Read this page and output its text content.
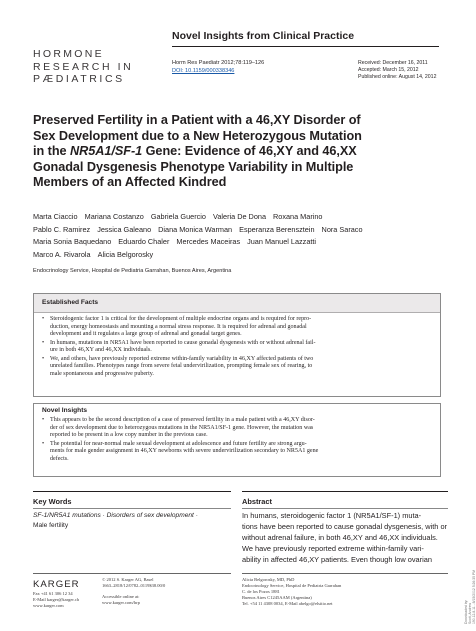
Novel Insights from Clinical Practice
HORMONE
RESEARCH IN
PÆDIATRICS
Horm Res Paediatr 2012;78:119–126
DOI: 10.1159/000338346
Received: December 16, 2011
Accepted: March 15, 2012
Published online: August 14, 2012
Preserved Fertility in a Patient with a 46,XY Disorder of
Sex Development due to a New Heterozygous Mutation
in the NR5A1/SF-1 Gene: Evidence of 46,XY and 46,XX
Gonadal Dysgenesis Phenotype Variability in Multiple
Members of an Affected Kindred
Marta Ciaccio Mariana Costanzo Gabriela Guercio Valeria De Dona Roxana Marino
Pablo C. Ramirez Jessica Galeano Diana Monica Warman Esperanza Berensztein Nora Saraco
Maria Sonia Baquedano Eduardo Chaler Mercedes Maceiras Juan Manuel Lazzatti
Marco A. Rivarola Alicia Belgorosky
Endocrinology Service, Hospital de Pediatria Garrahan, Buenos Aires, Argentina
Established Facts
• Steroidogenic factor 1 is critical for the development of multiple endocrine organs and is required for repro-
duction, energy homeostasis and mounting a normal stress response. It is required for adrenal and gonadal
development and it regulates a large group of adrenal and gonadal target genes.
• In humans, mutations in NR5A1 have been reported to cause gonadal dysgenesis with or without adrenal fail-
ure in both 46,XY and 46,XX individuals.
• We, and others, have previously reported extreme within-family variability in 46,XY affected patients of two
unrelated families. Phenotypes range from severe fetal undervirilization, prompting female sex of rearing, to
male spontaneous and progressive puberty.
Novel Insights
• This appears to be the second description of a case of preserved fertility in a male patient with a 46,XY disor-
der of sex development due to heterozygous mutations in the NR5A1/SF-1 gene. However, the mutation was
reported to be present in a low copy number in the previous case.
• The potential for near-normal male sexual development at adolescence and future fertility are strong argu-
ments for male gender assignment in 46,XY newborns with severe undervirilization secondary to NR5A1 gene
defects.
Key Words
SF-1/NR5A1 mutations · Disorders of sex development ·
Male fertility
Abstract
In humans, steroidogenic factor 1 (NR5A1/SF-1) muta-
tions have been reported to cause gonadal dysgenesis, with or
without adrenal failure, in both 46,XY and 46,XX individuals.
We have previously reported extreme within-family vari-
ability in affected 46,XY patients. Even though low ovarian
KARGER
Fax +41 61 306 12 34
E-Mail karger@karger.ch
www.karger.com
© 2012 S. Karger AG, Basel
1663–2818/12/0782–0119$38.00/0
Accessible online at:
www.karger.com/hrp
Alicia Belgorosky, MD, PhD
Endocrinology Service, Hospital de Pediatria Garrahan
C. de los Pozos 1881
Buenos Aires C1245AAM (Argentina)
Tel. +54 11 4308 0034, E-Mail abelgo@elsitio.net	Downloaded by: Scott, Andrew 190.12.8.11 - 8/15/2012 5:26:35 PM
